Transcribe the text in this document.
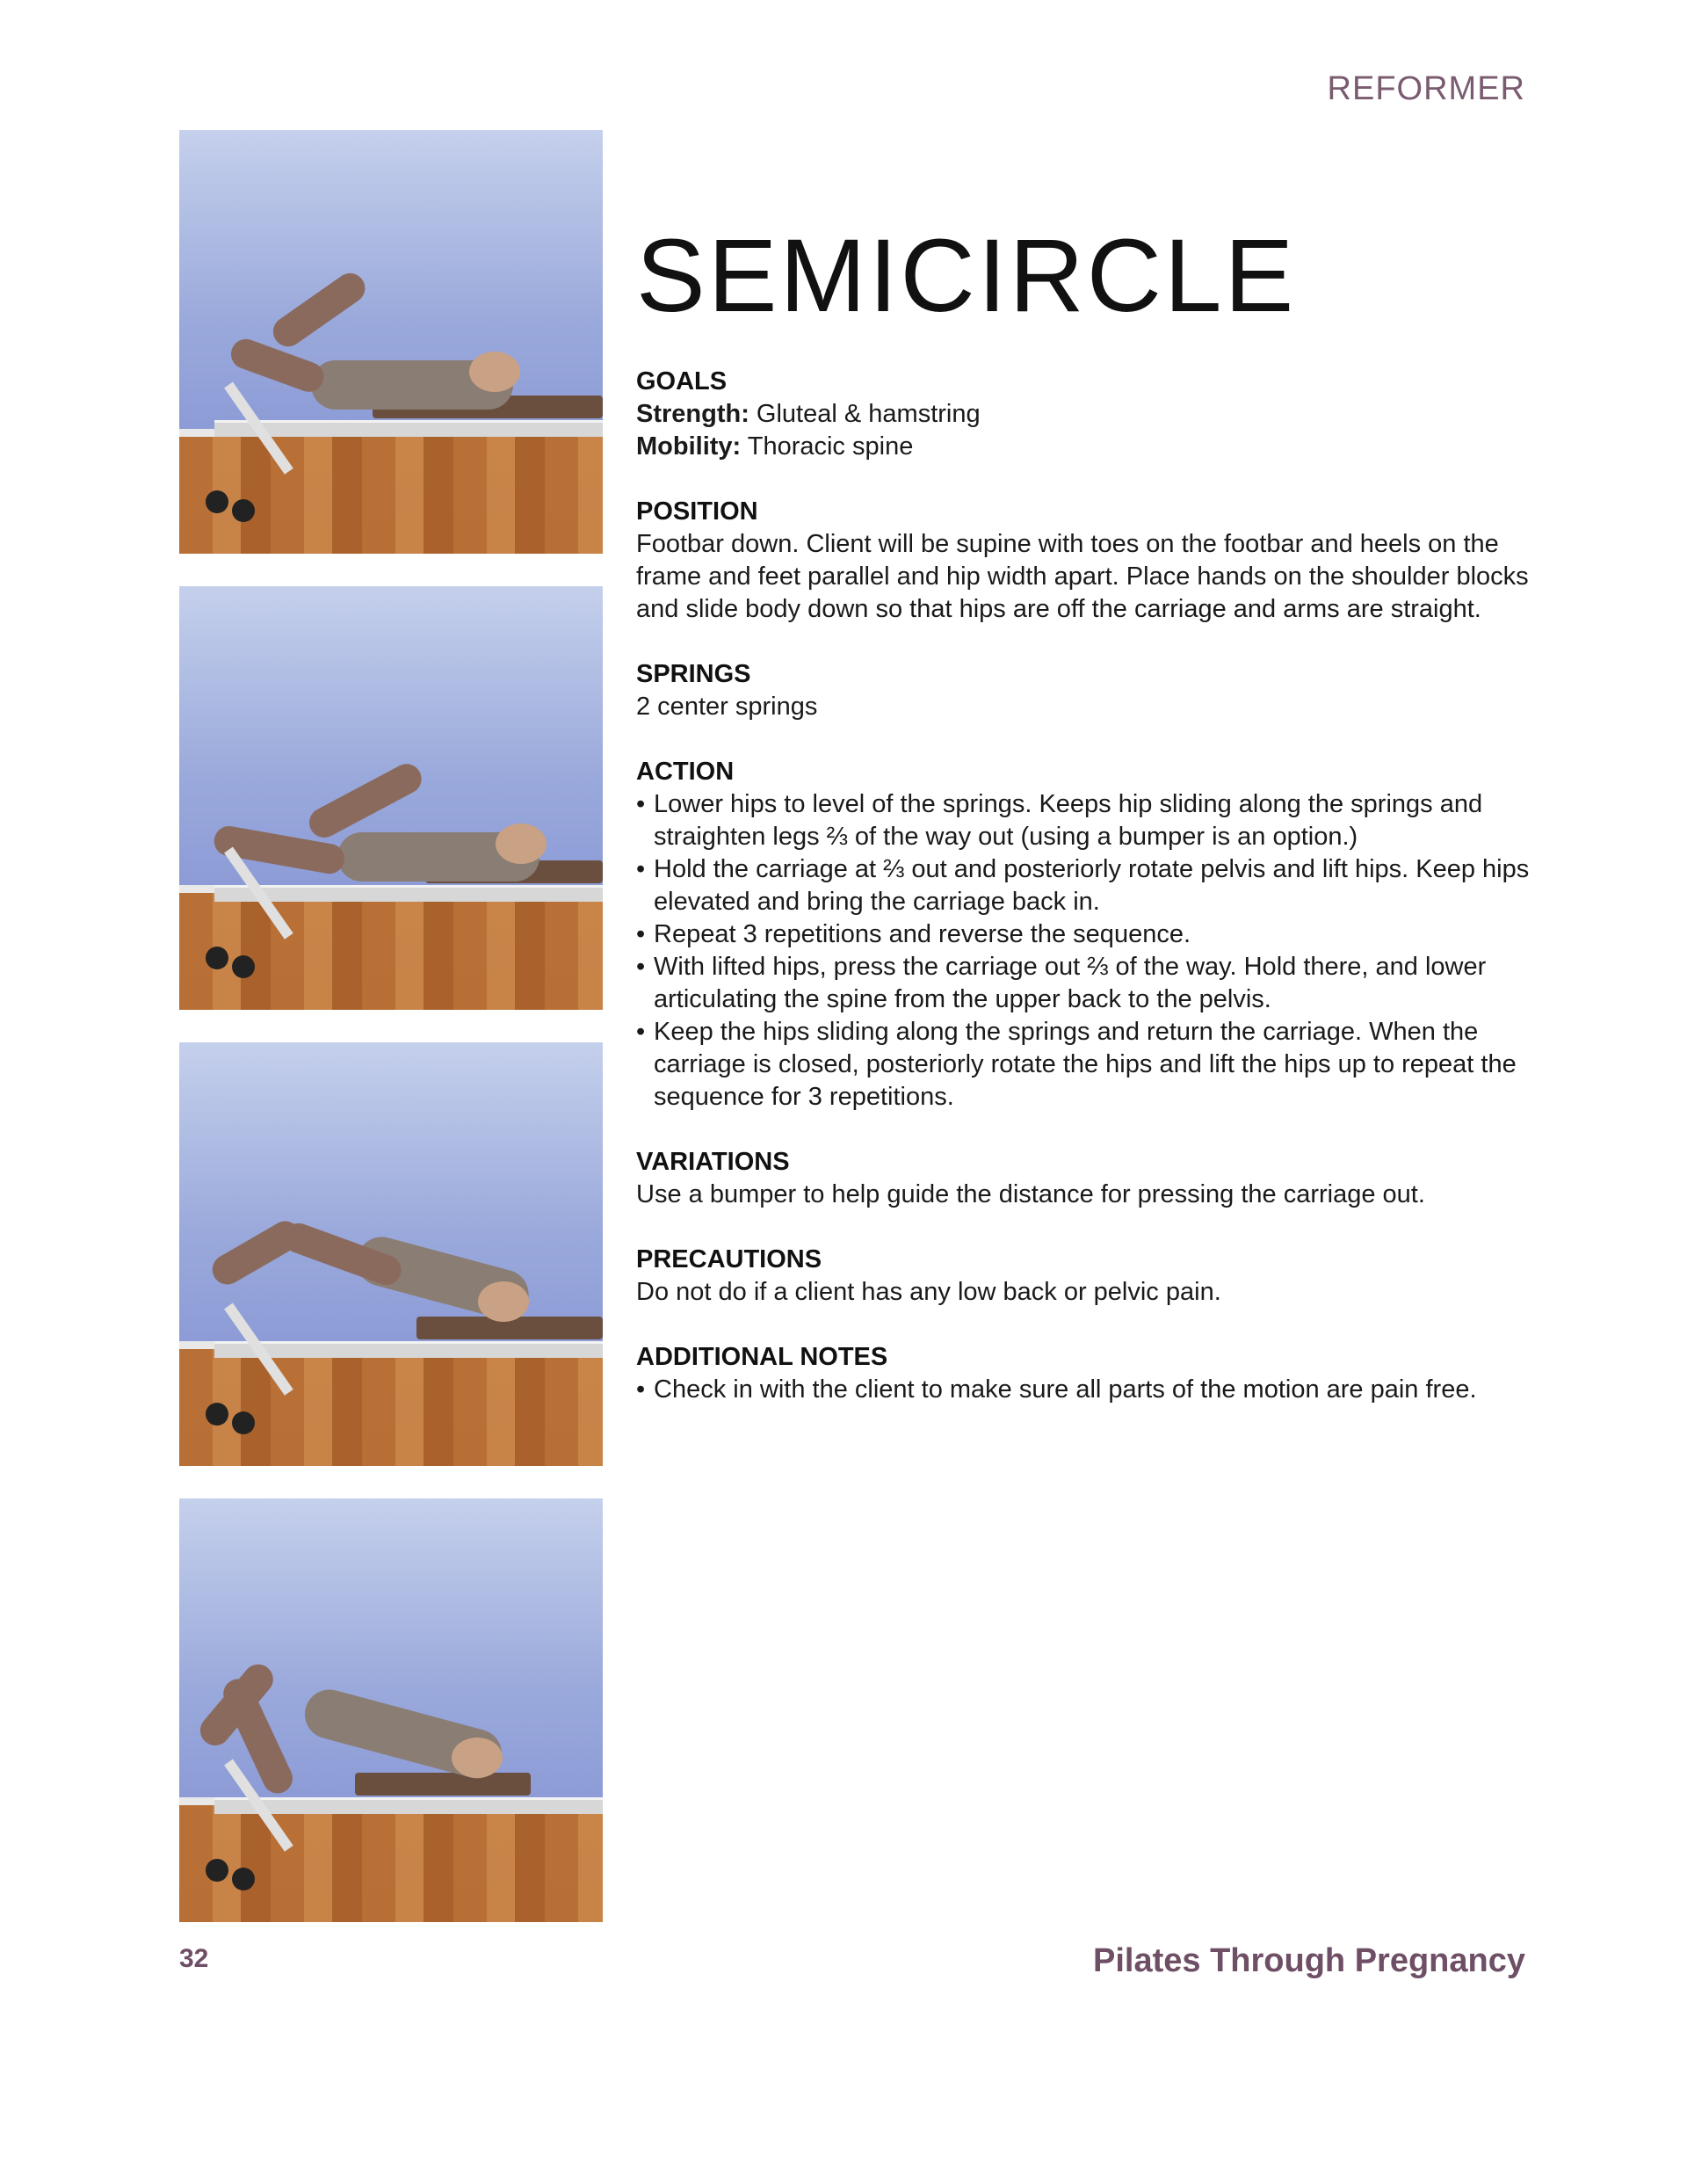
REFORMER
SEMICIRCLE
GOALS
Strength: Gluteal & hamstring
Mobility: Thoracic spine
POSITION
Footbar down. Client will be supine with toes on the footbar and heels on the frame and feet parallel and hip width apart. Place hands on the shoulder blocks and slide body down so that hips are off the carriage and arms are straight.
SPRINGS
2 center springs
ACTION
• Lower hips to level of the springs. Keeps hip sliding along the springs and straighten legs ⅔ of the way out (using a bumper is an option.)
• Hold the carriage at ⅔ out and posteriorly rotate pelvis and lift hips. Keep hips elevated and bring the carriage back in.
• Repeat 3 repetitions and reverse the sequence.
• With lifted hips, press the carriage out ⅔ of the way. Hold there, and lower articulating the spine from the upper back to the pelvis.
• Keep the hips sliding along the springs and return the carriage. When the carriage is closed, posteriorly rotate the hips and lift the hips up to repeat the sequence for 3 repetitions.
VARIATIONS
Use a bumper to help guide the distance for pressing the carriage out.
PRECAUTIONS
Do not do if a client has any low back or pelvic pain.
ADDITIONAL NOTES
• Check in with the client to make sure all parts of the motion are pain free.
32	Pilates Through Pregnancy
